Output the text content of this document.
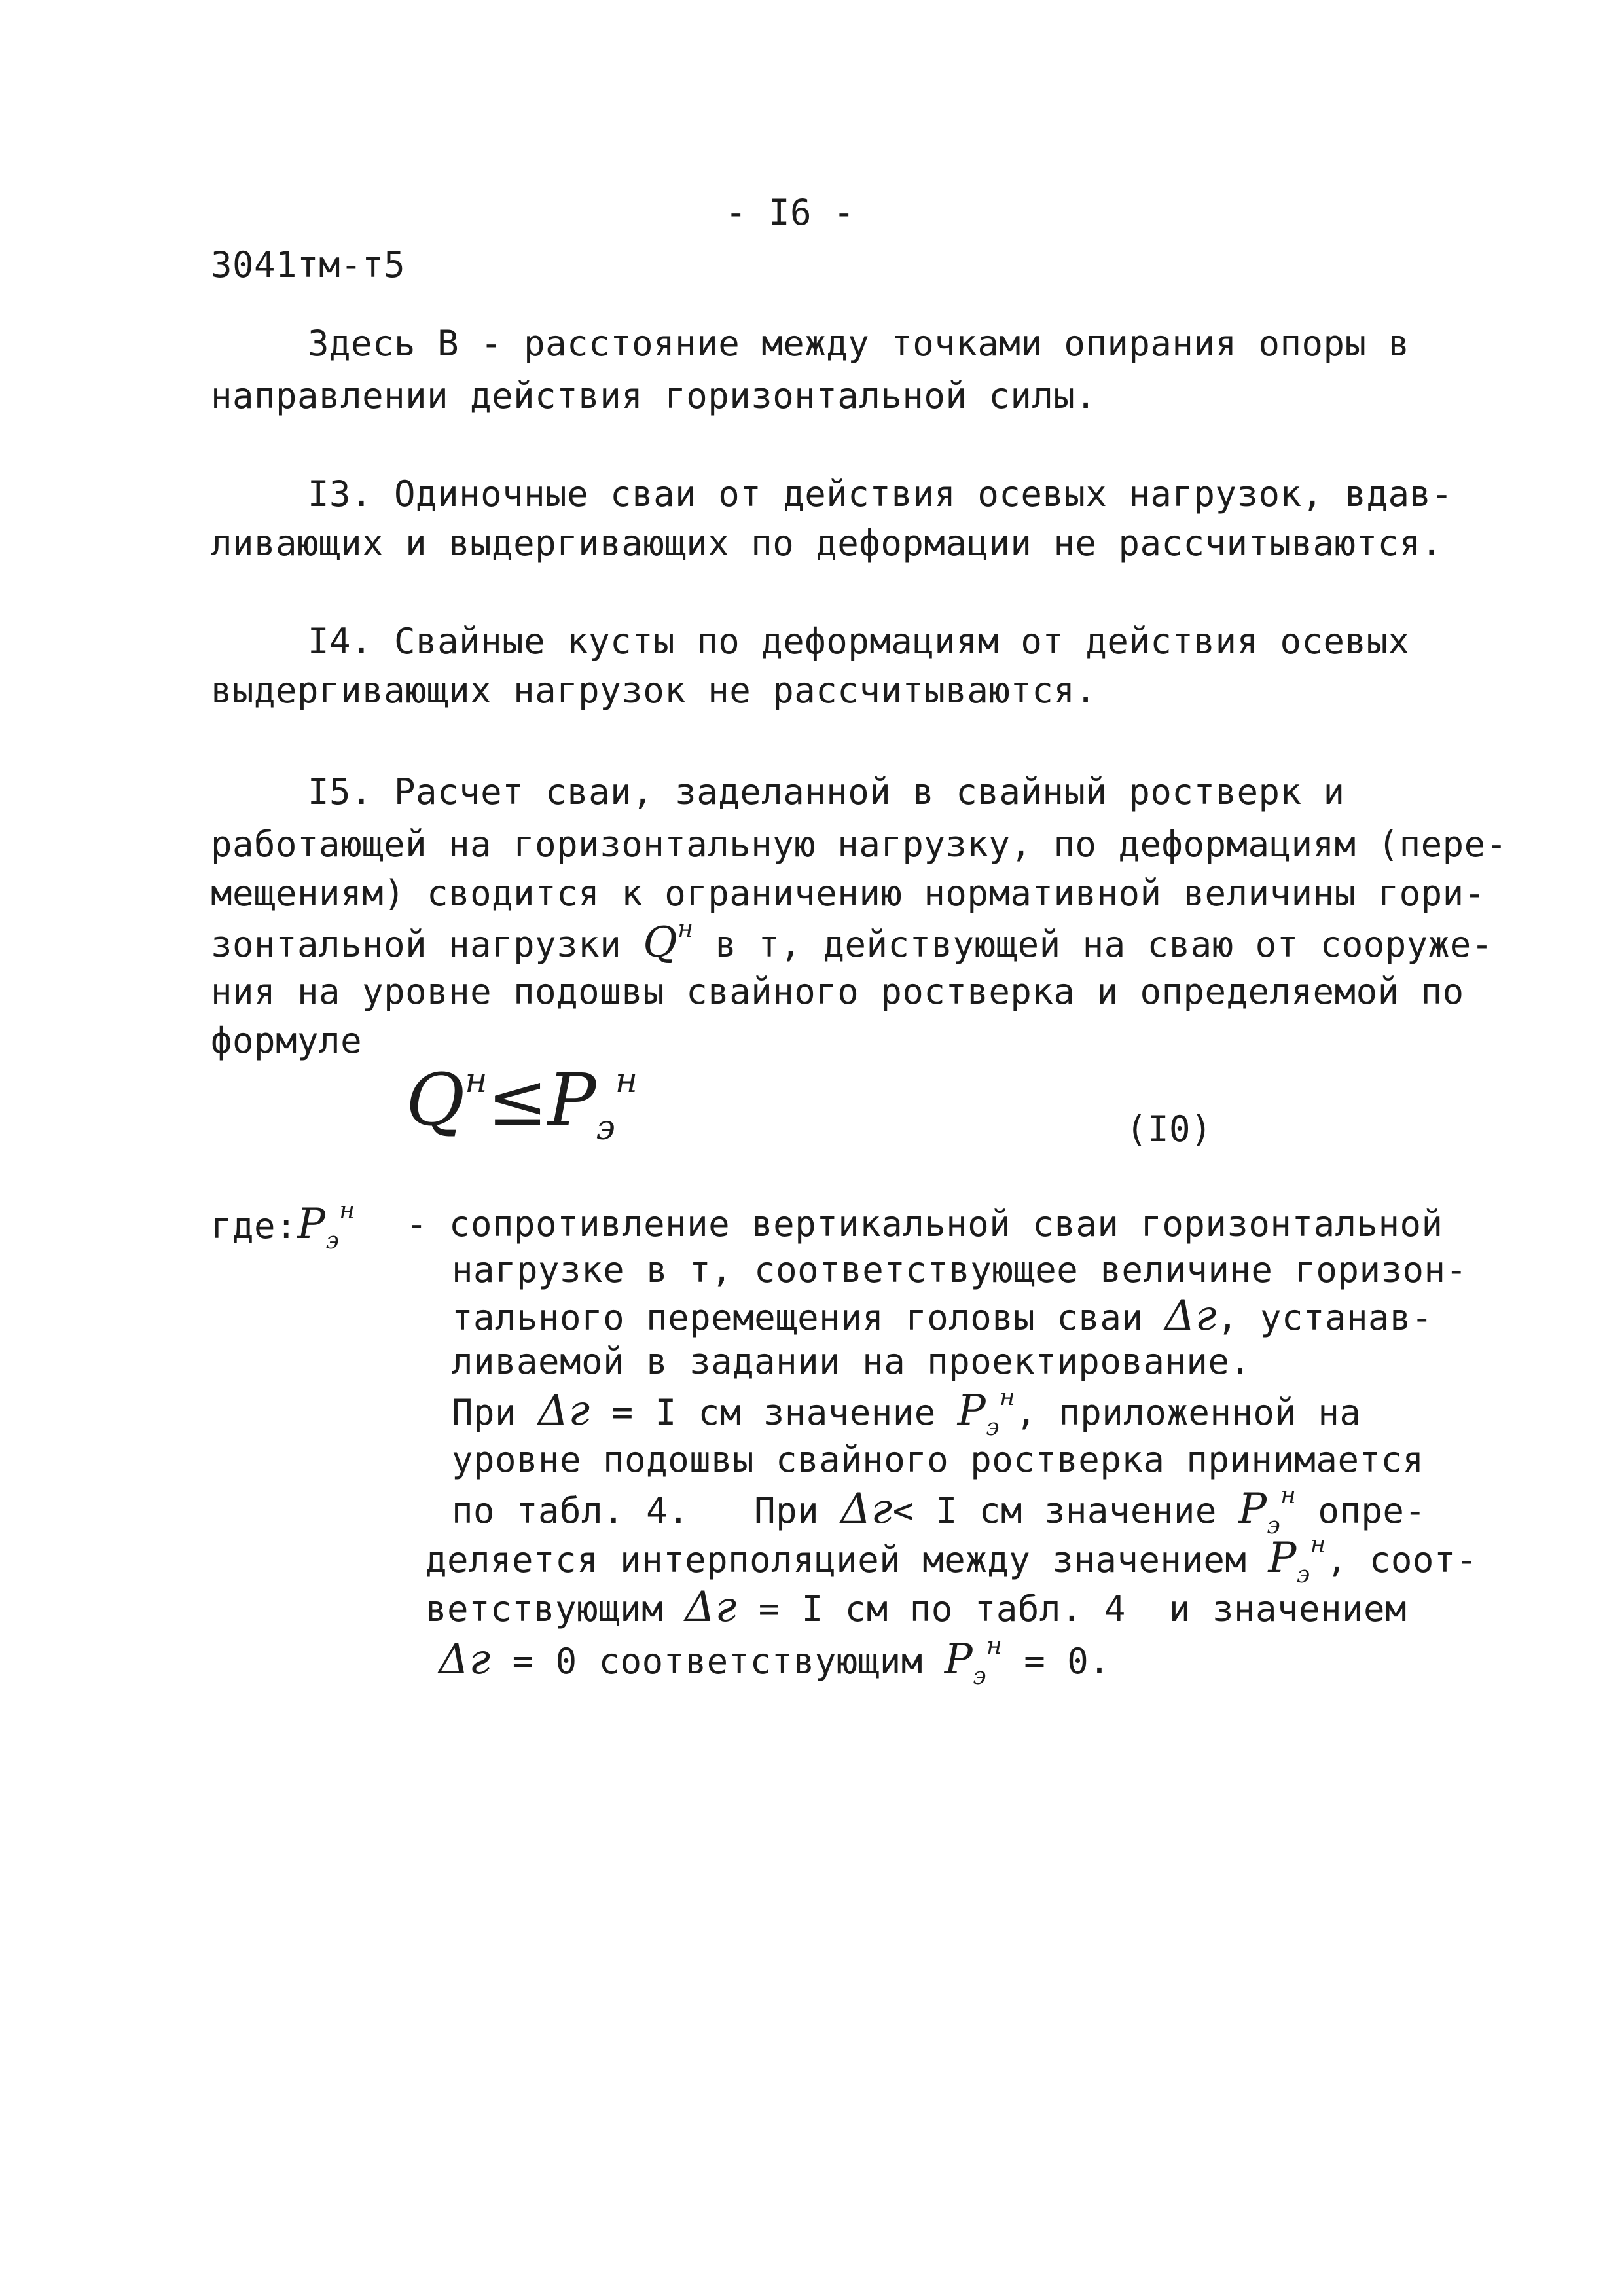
- I6 -
3041тм-т5
Здесь В - расстояние между точками опирания опоры в
направлении действия горизонтальной силы.
I3. Одиночные сваи от действия осевых нагрузок, вдав-
ливающих и выдергивающих по деформации не рассчитываются.
I4. Свайные кусты по деформациям от действия осевых
выдергивающих нагрузок не рассчитываются.
I5. Расчет сваи, заделанной в свайный ростверк и
работающей на горизонтальную нагрузку, по деформациям (пере-
мещениям) сводится к ограничению нормативной величины гори-
зонтальной нагрузки $Q^н$ в т, действующей на сваю от сооруже-
ния на уровне подошвы свайного ростверка и определяемой по
формуле
$Q^н\le P_э^н$
(I0)
$где:P_э^н$ - сопротивление вертикальной сваи горизонтальной
нагрузке в т, соответствующее величине горизон-
тального перемещения головы сваи Δг, устанав-
ливаемой в задании на проектирование.
При Δг = I см значение $P_э^н$, приложенной на
уровне подошвы свайного ростверка принимается
по табл. 4.   При Δг< I см значение $P_э^н$ опре-
деляется интерполяцией между значением $P_э^н$, соот-
ветствующим Δг = I см по табл. 4  и значением
Δг = 0 соответствующим $P_э^н = 0$.
